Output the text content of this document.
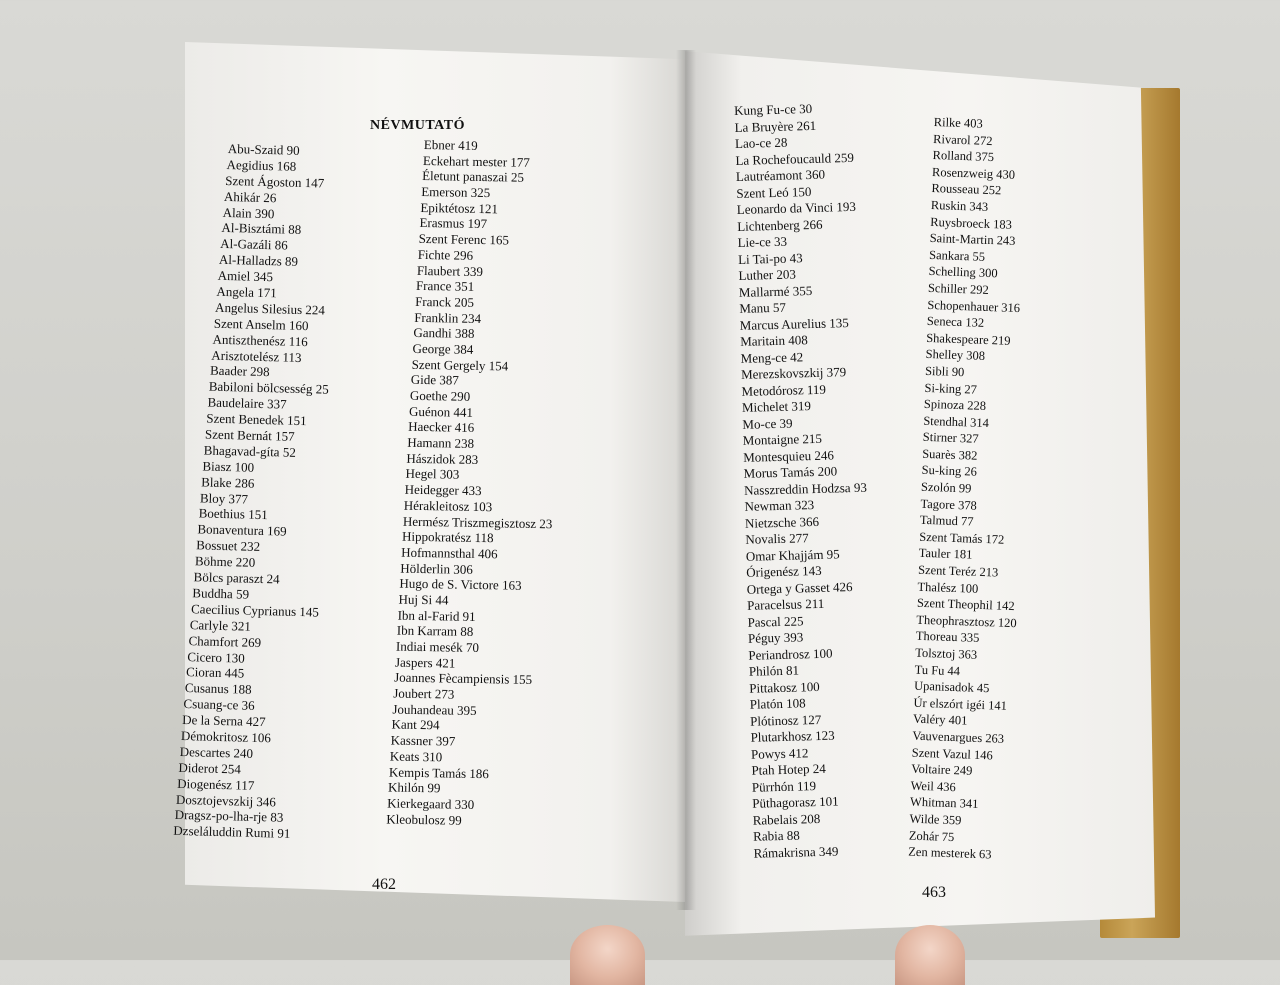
NÉVMUTATÓ
Abu-Szaid 90
Aegidius 168
Szent Ágoston 147
Ahikár 26
Alain 390
Al-Bisztámi 88
Al-Gazáli 86
Al-Halladzs 89
Amiel 345
Angela 171
Angelus Silesius 224
Szent Anselm 160
Antiszthenész 116
Arisztotelész 113
Baader 298
Babiloni bölcsesség 25
Baudelaire 337
Szent Benedek 151
Szent Bernát 157
Bhagavad-gíta 52
Biasz 100
Blake 286
Bloy 377
Boethius 151
Bonaventura 169
Bossuet 232
Böhme 220
Bölcs paraszt 24
Buddha 59
Caecilius Cyprianus 145
Carlyle 321
Chamfort 269
Cicero 130
Cioran 445
Cusanus 188
Csuang-ce 36
De la Serna 427
Démokritosz 106
Descartes 240
Diderot 254
Diogenész 117
Dosztojevszkij 346
Dragsz-po-lha-rje 83
Dzseláluddin Rumi 91
Ebner 419
Eckehart mester 177
Életunt panaszai 25
Emerson 325
Epiktétosz 121
Erasmus 197
Szent Ferenc 165
Fichte 296
Flaubert 339
France 351
Franck 205
Franklin 234
Gandhi 388
George 384
Szent Gergely 154
Gide 387
Goethe 290
Guénon 441
Haecker 416
Hamann 238
Hászidok 283
Hegel 303
Heidegger 433
Hérakleitosz 103
Hermész Triszmegisztosz 23
Hippokratész 118
Hofmannsthal 406
Hölderlin 306
Hugo de S. Victore 163
Huj Si 44
Ibn al-Farid 91
Ibn Karram 88
Indiai mesék 70
Jaspers 421
Joannes Fècampiensis 155
Joubert 273
Jouhandeau 395
Kant 294
Kassner 397
Keats 310
Kempis Tamás 186
Khilón 99
Kierkegaard 330
Kleobulosz 99
Kung Fu-ce 30
La Bruyère 261
Lao-ce 28
La Rochefoucauld 259
Lautréamont 360
Szent Leó 150
Leonardo da Vinci 193
Lichtenberg 266
Lie-ce 33
Li Tai-po 43
Luther 203
Mallarmé 355
Manu 57
Marcus Aurelius 135
Maritain 408
Meng-ce 42
Merezskovszkij 379
Metodórosz 119
Michelet 319
Mo-ce 39
Montaigne 215
Montesquieu 246
Morus Tamás 200
Nasszreddin Hodzsa 93
Newman 323
Nietzsche 366
Novalis 277
Omar Khajjám 95
Órigenész 143
Ortega y Gasset 426
Paracelsus 211
Pascal 225
Péguy 393
Periandrosz 100
Philón 81
Pittakosz 100
Platón 108
Plótinosz 127
Plutarkhosz 123
Powys 412
Ptah Hotep 24
Pürrhón 119
Püthagorasz 101
Rabelais 208
Rabia 88
Rámakrisna 349
Rilke 403
Rivarol 272
Rolland 375
Rosenzweig 430
Rousseau 252
Ruskin 343
Ruysbroeck 183
Saint-Martin 243
Sankara 55
Schelling 300
Schiller 292
Schopenhauer 316
Seneca 132
Shakespeare 219
Shelley 308
Sibli 90
Si-king 27
Spinoza 228
Stendhal 314
Stirner 327
Suarès 382
Su-king 26
Szolón 99
Tagore 378
Talmud 77
Szent Tamás 172
Tauler 181
Szent Teréz 213
Thalész 100
Szent Theophil 142
Theophrasztosz 120
Thoreau 335
Tolsztoj 363
Tu Fu 44
Upanisadok 45
Úr elszórt igéi 141
Valéry 401
Vauvenargues 263
Szent Vazul 146
Voltaire 249
Weil 436
Whitman 341
Wilde 359
Zohár 75
Zen mesterek 63
462	463
